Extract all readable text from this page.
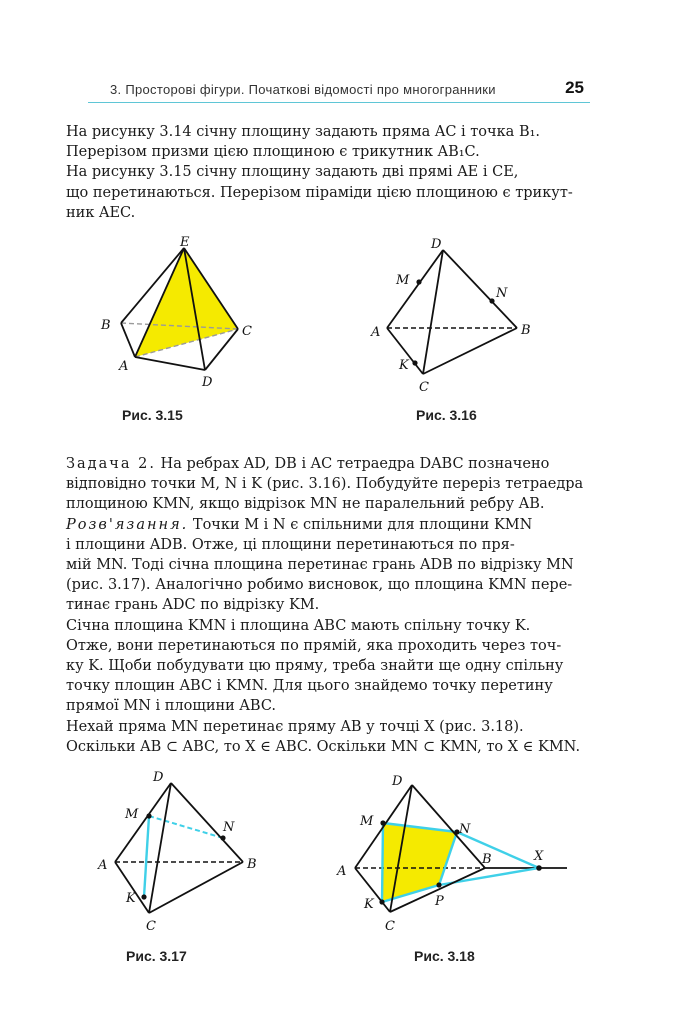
3. Просторові фігури. Початкові відомості про многогранники	25

На рисунку 3.14 січну площину задають пряма AC і точка B₁.

Перерізом призми цією площиною є трикутник AB₁C.

На рисунку 3.15 січну площину задають дві прямі AE і CE,

що перетинаються. Перерізом піраміди цією площиною є трикут-

ник AEC.

E
B	C
A
D
Рис. 3.15
D
M
N
A	B
K
C
Рис. 3.16

Задача 2. На ребрах AD, DB і AC тетраедра DABC позначено

відповідно точки M, N і K (рис. 3.16). Побудуйте переріз тетраедра

площиною KMN, якщо відрізок MN не паралельний ребру AB.

Розв'язання. Точки M і N є спільними для площини KMN

і площини ADB. Отже, ці площини перетинаються по пря-

мій MN. Тоді січна площина перетинає грань ADB по відрізку MN

(рис. 3.17). Аналогічно робимо висновок, що площина KMN пере-

тинає грань ADC по відрізку KM.

Січна площина KMN і площина ABC мають спільну точку K.

Отже, вони перетинаються по прямій, яка проходить через точ-

ку K. Щоби побудувати цю пряму, треба знайти ще одну спільну

точку площин ABC і KMN. Для цього знайдемо точку перетину

прямої MN і площини ABC.

Нехай пряма MN перетинає пряму AB у точці X (рис. 3.18).

Оскільки AB ⊂ ABC, то X ∈ ABC. Оскільки MN ⊂ KMN, то X ∈ KMN.

D
M
N
A	B
K
C
Рис. 3.17
D
M
N
A
B	X
K	P
C
Рис. 3.18
